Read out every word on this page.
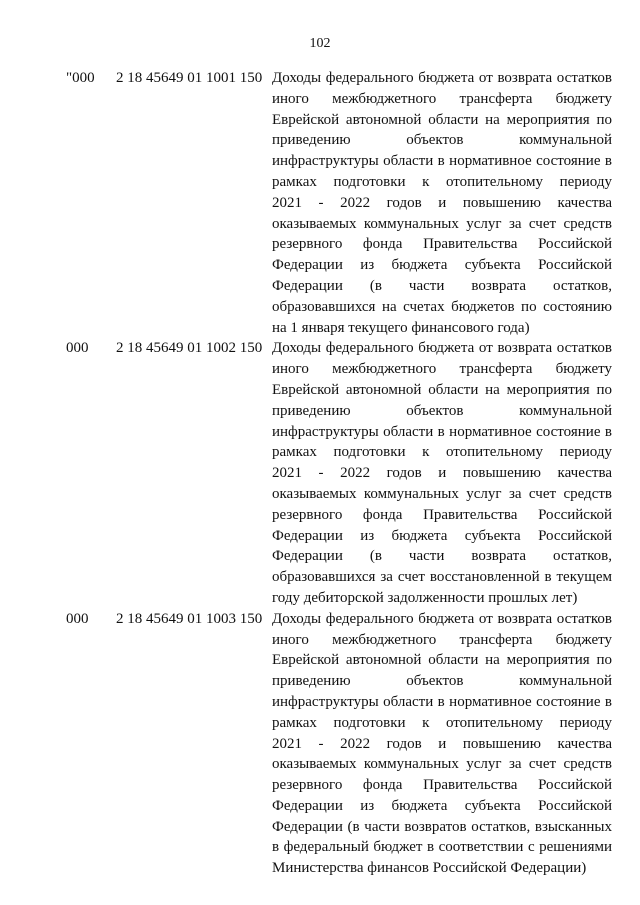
102
"000	2 18 45649 01 1001 150 Доходы федерального бюджета от возврата остатков
иного межбюджетного трансферта бюджету
Еврейской автономной области на мероприятия по
приведению объектов коммунальной
инфраструктуры области в нормативное состояние в
рамках подготовки к отопительному периоду
2021 - 2022 годов и повышению качества
оказываемых коммунальных услуг за счет средств
резервного фонда Правительства Российской
Федерации из бюджета субъекта Российской
Федерации (в части возврата остатков,
образовавшихся на счетах бюджетов по состоянию
на 1 января текущего финансового года)
000	2 18 45649 01 1002 150 Доходы федерального бюджета от возврата остатков
иного межбюджетного трансферта бюджету
Еврейской автономной области на мероприятия по
приведению объектов коммунальной
инфраструктуры области в нормативное состояние в
рамках подготовки к отопительному периоду
2021 - 2022 годов и повышению качества
оказываемых коммунальных услуг за счет средств
резервного фонда Правительства Российской
Федерации из бюджета субъекта Российской
Федерации (в части возврата остатков,
образовавшихся за счет восстановленной в текущем
году дебиторской задолженности прошлых лет)
000	2 18 45649 01 1003 150 Доходы федерального бюджета от возврата остатков
иного межбюджетного трансферта бюджету
Еврейской автономной области на мероприятия по
приведению объектов коммунальной
инфраструктуры области в нормативное состояние в
рамках подготовки к отопительному периоду
2021 - 2022 годов и повышению качества
оказываемых коммунальных услуг за счет средств
резервного фонда Правительства Российской
Федерации из бюджета субъекта Российской
Федерации (в части возвратов остатков, взысканных
в федеральный бюджет в соответствии с решениями
Министерства финансов Российской Федерации)
